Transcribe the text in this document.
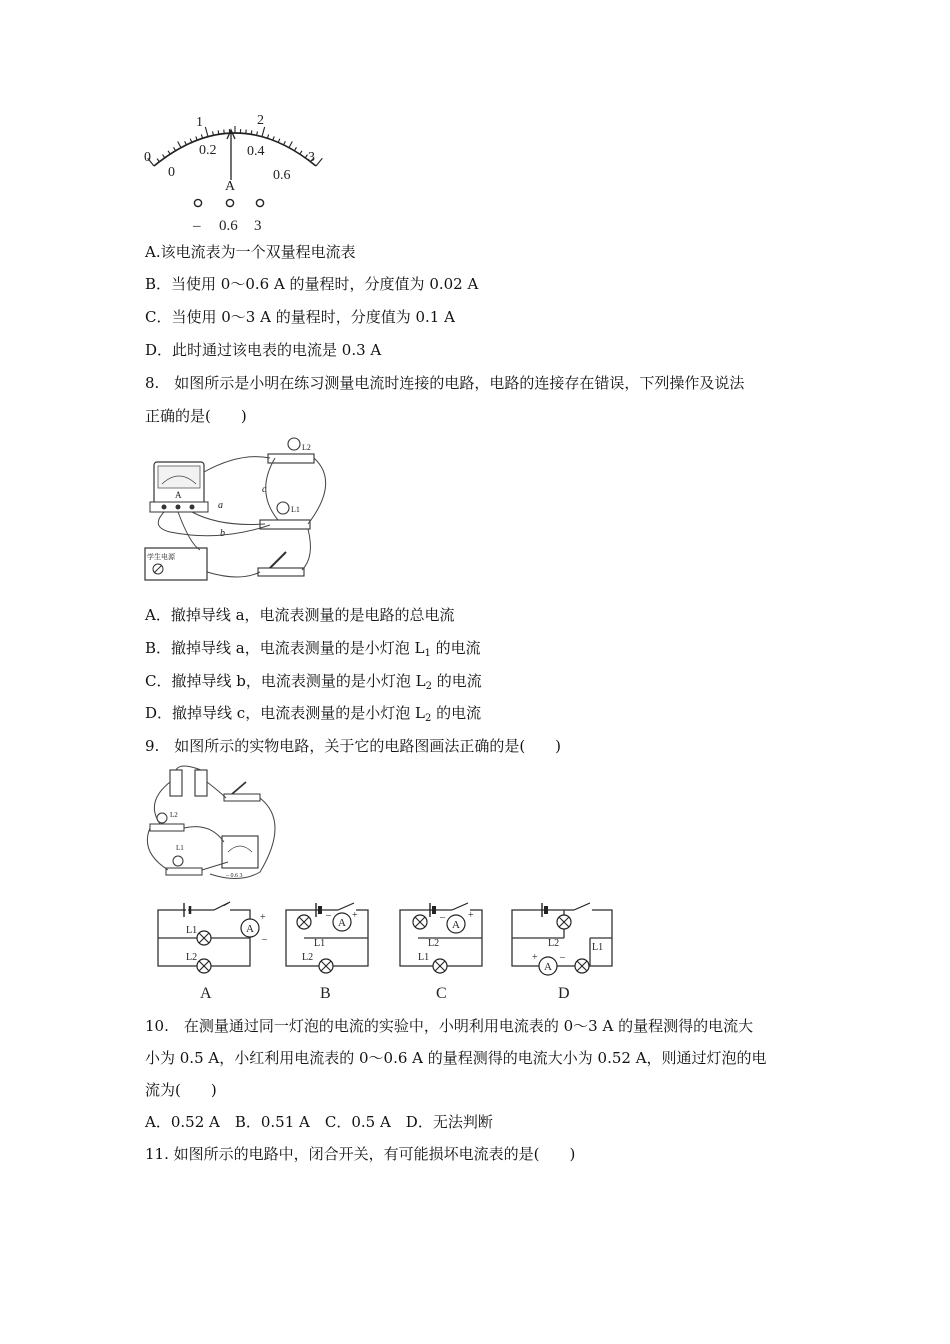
0
1	2
3
0
0.2 0.4
0.6
A
– 0.6 3
A.该电流表为一个双量程电流表
B．当使用 0～0.6 A 的量程时，分度值为 0.02 A
C．当使用 0～3 A 的量程时，分度值为 0.1 A
D．此时通过该电表的电流是 0.3 A
8.　如图所示是小明在练习测量电流时连接的电路，电路的连接存在错误，下列操作及说法
正确的是(　　)
A
L2
L1
学生电源
a
b
c
A．撤掉导线 a，电流表测量的是电路的总电流
B．撤掉导线 a，电流表测量的是小灯泡 $L_1$ 的电流
C．撤掉导线 b，电流表测量的是小灯泡 $L_2$ 的电流
D．撤掉导线 c，电流表测量的是小灯泡 $L_2$ 的电流
9.　如图所示的实物电路，关于它的电路图画法正确的是(　　)
L2
L1
– 0.6 3
A
+
–
L1
L2
A
A
+
–
L1
L2
B
A
+
–
L2
L1
C
L2
A
+ –
L1
D
10.　在测量通过同一灯泡的电流的实验中，小明利用电流表的 0～3 A 的量程测得的电流大
小为 0.5 A，小红利用电流表的 0～0.6 A 的量程测得的电流大小为 0.52 A，则通过灯泡的电
流为(　　)
A．0.52 A　B．0.51 A　C．0.5 A　D．无法判断
11. 如图所示的电路中，闭合开关，有可能损坏电流表的是(　　)
